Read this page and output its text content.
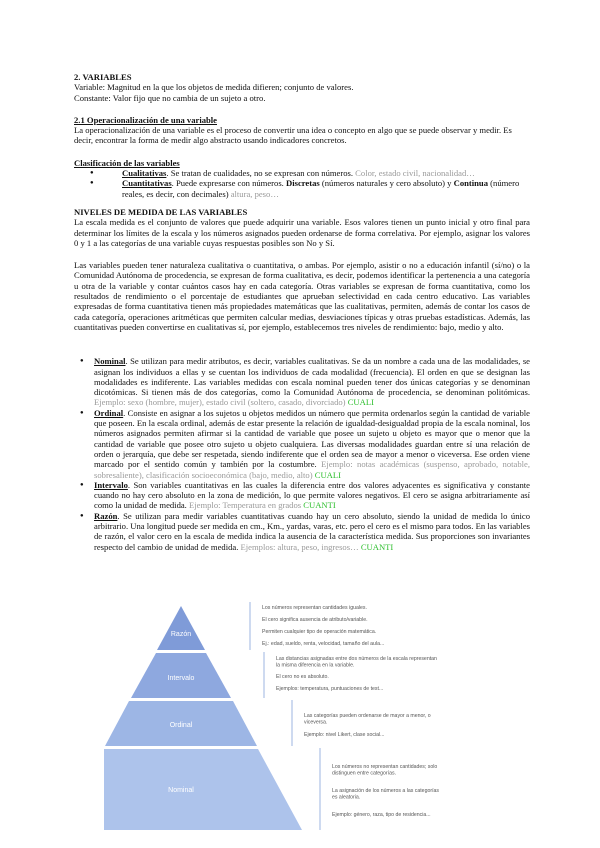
2. VARIABLES

Variable: Magnitud en la que los objetos de medida difieren; conjunto de valores.

Constante: Valor fijo que no cambia de un sujeto a otro.

2.1 Operacionalización de una variable

La operacionalización de una variable es el proceso de convertir una idea o concepto en algo que se puede observar y medir. Es decir, encontrar la forma de medir algo abstracto usando indicadores concretos.

Clasificación de las variables

● Cualitativas. Se tratan de cualidades, no se expresan con números. Color, estado civil, nacionalidad…
● Cuantitativas. Puede expresarse con números. Discretas (números naturales y cero absoluto) y Continua (número reales, es decir, con decimales) altura, peso…

NIVELES DE MEDIDA DE LAS VARIABLES

La escala medida es el conjunto de valores que puede adquirir una variable. Esos valores tienen un punto inicial y otro final para determinar los límites de la escala y los números asignados pueden ordenarse de forma correlativa. Por ejemplo, asignar los valores 0 y 1 a las categorías de una variable cuyas respuestas posibles son No y Sí.

Las variables pueden tener naturaleza cualitativa o cuantitativa, o ambas. Por ejemplo, asistir o no a educación infantil (sí/no) o la Comunidad Autónoma de procedencia, se expresan de forma cualitativa, es decir, podemos identificar la pertenencia a una categoría u otra de la variable y contar cuántos casos hay en cada categoría. Otras variables se expresan de forma cuantitativa, como los resultados de rendimiento o el porcentaje de estudiantes que aprueban selectividad en cada centro educativo. Las variables expresadas de forma cuantitativa tienen más propiedades matemáticas que las cualitativas, permiten, además de contar los casos de cada categoría, operaciones aritméticas que permiten calcular medias, desviaciones típicas y otras pruebas estadísticas. Además, las cuantitativas pueden convertirse en cualitativas sí, por ejemplo, establecemos tres niveles de rendimiento: bajo, medio y alto.

● Nominal. Se utilizan para medir atributos, es decir, variables cualitativas. Se da un nombre a cada una de las modalidades, se asignan los individuos a ellas y se cuentan los individuos de cada modalidad (frecuencia). El orden en que se designan las modalidades es indiferente. Las variables medidas con escala nominal pueden tener dos únicas categorías y se denominan dicotómicas. Si tienen más de dos categorías, como la Comunidad Autónoma de procedencia, se denominan politómicas. Ejemplo: sexo (hombre, mujer), estado civil (soltero, casado, divorciado) CUALI
● Ordinal. Consiste en asignar a los sujetos u objetos medidos un número que permita ordenarlos según la cantidad de variable que poseen. En la escala ordinal, además de estar presente la relación de igualdad-desigualdad propia de la escala nominal, los números asignados permiten afirmar si la cantidad de variable que posee un sujeto u objeto es mayor que o menor que la cantidad de variable que posee otro sujeto u objeto cualquiera. Las diversas modalidades guardan entre sí una relación de orden o jerarquía, que debe ser respetada, siendo indiferente que el orden sea de mayor a menor o viceversa. Ese orden viene marcado por el sentido común y también por la costumbre. Ejemplo: notas académicas (suspenso, aprobado, notable, sobresaliente), clasificación socioeconómica (bajo, medio, alto) CUALI
● Intervalo. Son variables cuantitativas en las cuales la diferencia entre dos valores adyacentes es significativa y constante cuando no hay cero absoluto en la zona de medición, lo que permite valores negativos. El cero se asigna arbitrariamente así como la unidad de medida. Ejemplo: Temperatura en grados CUANTI
● Razón. Se utilizan para medir variables cuantitativas cuando hay un cero absoluto, siendo la unidad de medida lo único arbitrario. Una longitud puede ser medida en cm., Km., yardas, varas, etc. pero el cero es el mismo para todos. En las variables de razón, el valor cero en la escala de medida indica la ausencia de la característica medida. Sus proporciones son invariantes respecto del cambio de unidad de medida. Ejemplos: altura, peso, ingresos… CUANTI
Razón
Intervalo
Ordinal
Nominal
Los números representan cantidades iguales.
El cero significa ausencia de atributo/variable.
Permiten cualquier tipo de operación matemática.
Ej.: edad, sueldo, renta, velocidad, tamaño del aula...
Las distancias asignadas entre dos números de la escala representan la misma diferencia en la variable.
El cero no es absoluto.
Ejemplos: temperatura, puntuaciones de test...
Las categorías pueden ordenarse de mayor a menor, o viceversa.
Ejemplo: nivel Likert, clase social...
Los números no representan cantidades; solo distinguen entre categorías.
La asignación de los números a las categorías es aleatoria.
Ejemplo: género, raza, tipo de residencia...
